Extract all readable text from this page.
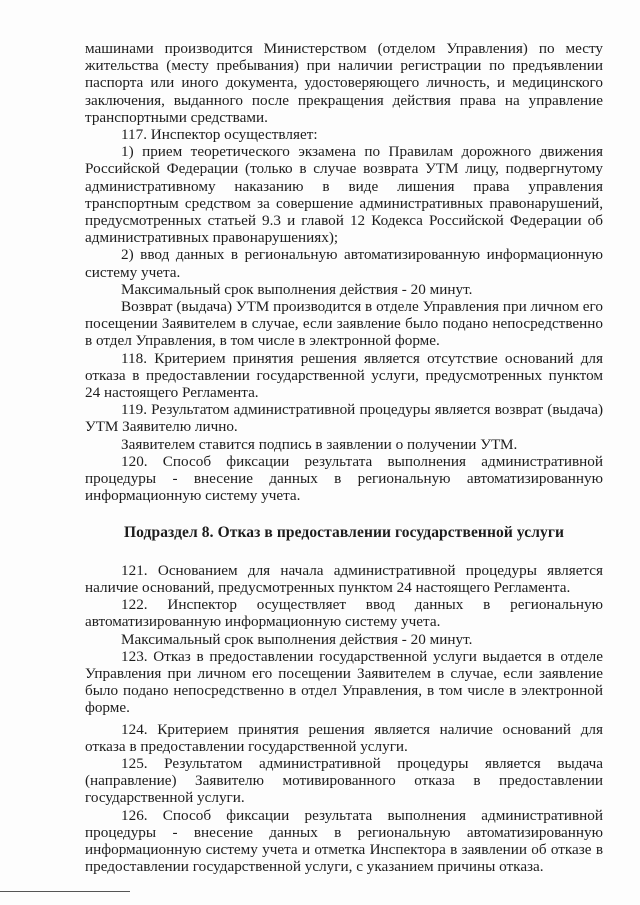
машинами производится Министерством (отделом Управления) по месту жительства (месту пребывания) при наличии регистрации по предъявлении паспорта или иного документа, удостоверяющего личность, и медицинского заключения, выданного после прекращения действия права на управление транспортными средствами.

117. Инспектор осуществляет:

1) прием теоретического экзамена по Правилам дорожного движения Российской Федерации (только в случае возврата УТМ лицу, подвергнутому административному наказанию в виде лишения права управления транспортным средством за совершение административных правонарушений, предусмотренных статьей 9.3 и главой 12 Кодекса Российской Федерации об административных правонарушениях);

2) ввод данных в региональную автоматизированную информационную систему учета.

Максимальный срок выполнения действия - 20 минут.

Возврат (выдача) УТМ производится в отделе Управления при личном его посещении Заявителем в случае, если заявление было подано непосредственно в отдел Управления, в том числе в электронной форме.

118. Критерием принятия решения является отсутствие оснований для отказа в предоставлении государственной услуги, предусмотренных пунктом 24 настоящего Регламента.

119. Результатом административной процедуры является возврат (выдача) УТМ Заявителю лично.

Заявителем ставится подпись в заявлении о получении УТМ.

120. Способ фиксации результата выполнения административной процедуры - внесение данных в региональную автоматизированную информационную систему учета.

Подраздел 8. Отказ в предоставлении государственной услуги

121. Основанием для начала административной процедуры является наличие оснований, предусмотренных пунктом 24 настоящего Регламента.

122. Инспектор осуществляет ввод данных в региональную автоматизированную информационную систему учета.

Максимальный срок выполнения действия - 20 минут.

123. Отказ в предоставлении государственной услуги выдается в отделе Управления при личном его посещении Заявителем в случае, если заявление было подано непосредственно в отдел Управления, в том числе в электронной форме.

124. Критерием принятия решения является наличие оснований для отказа в предоставлении государственной услуги.

125. Результатом административной процедуры является выдача (направление) Заявителю мотивированного отказа в предоставлении государственной услуги.

126. Способ фиксации результата выполнения административной процедуры - внесение данных в региональную автоматизированную информационную систему учета и отметка Инспектора в заявлении об отказе в предоставлении государственной услуги, с указанием причины отказа.
